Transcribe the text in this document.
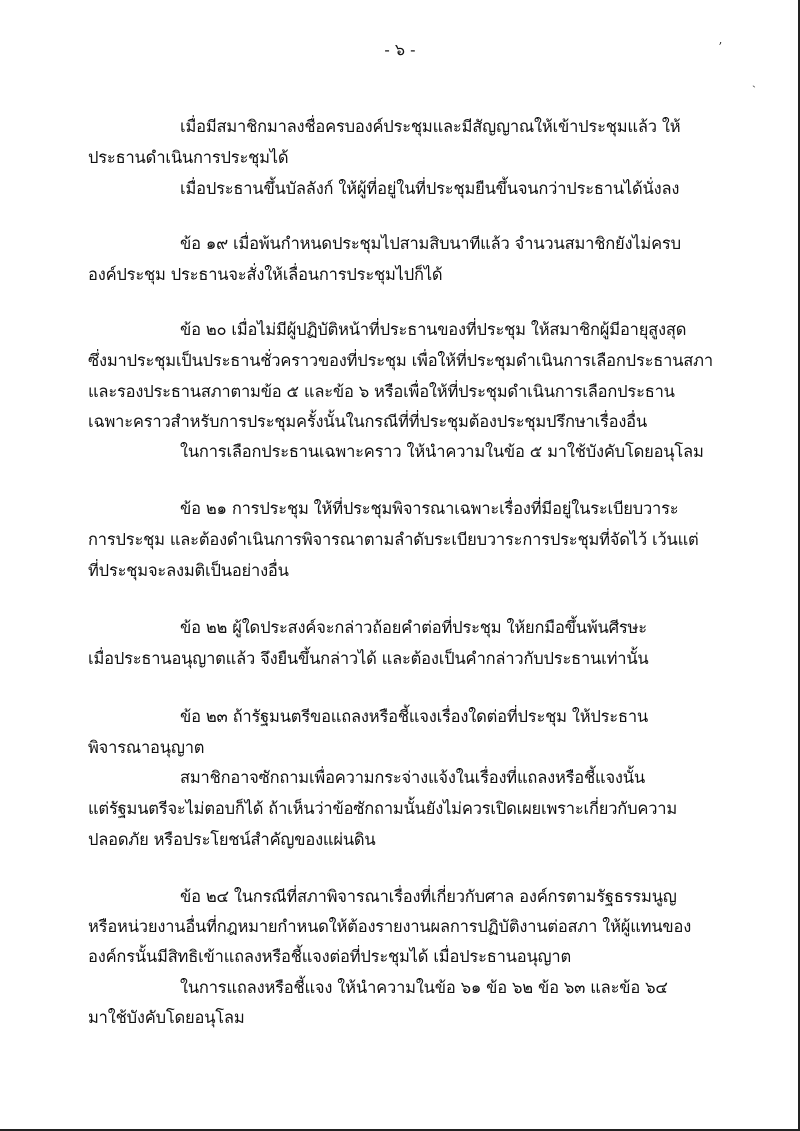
- ๖ -	ʼ
ˏ
เมื่อมีสมาชิกมาลงชื่อครบองค์ประชุมและมีสัญญาณให้เข้าประชุมแล้ว ให้
ประธานดำเนินการประชุมได้
เมื่อประธานขึ้นบัลลังก์ ให้ผู้ที่อยู่ในที่ประชุมยืนขึ้นจนกว่าประธานได้นั่งลง
ข้อ ๑๙ เมื่อพ้นกำหนดประชุมไปสามสิบนาทีแล้ว จำนวนสมาชิกยังไม่ครบ
องค์ประชุม ประธานจะสั่งให้เลื่อนการประชุมไปก็ได้
ข้อ ๒๐ เมื่อไม่มีผู้ปฏิบัติหน้าที่ประธานของที่ประชุม ให้สมาชิกผู้มีอายุสูงสุด
ซึ่งมาประชุมเป็นประธานชั่วคราวของที่ประชุม เพื่อให้ที่ประชุมดำเนินการเลือกประธานสภา
และรองประธานสภาตามข้อ ๕ และข้อ ๖ หรือเพื่อให้ที่ประชุมดำเนินการเลือกประธาน
เฉพาะคราวสำหรับการประชุมครั้งนั้นในกรณีที่ที่ประชุมต้องประชุมปรึกษาเรื่องอื่น
ในการเลือกประธานเฉพาะคราว ให้นำความในข้อ ๕ มาใช้บังคับโดยอนุโลม
ข้อ ๒๑ การประชุม ให้ที่ประชุมพิจารณาเฉพาะเรื่องที่มีอยู่ในระเบียบวาระ
การประชุม และต้องดำเนินการพิจารณาตามลำดับระเบียบวาระการประชุมที่จัดไว้ เว้นแต่
ที่ประชุมจะลงมติเป็นอย่างอื่น
ข้อ ๒๒ ผู้ใดประสงค์จะกล่าวถ้อยคำต่อที่ประชุม ให้ยกมือขึ้นพ้นศีรษะ
เมื่อประธานอนุญาตแล้ว จึงยืนขึ้นกล่าวได้ และต้องเป็นคำกล่าวกับประธานเท่านั้น
ข้อ ๒๓ ถ้ารัฐมนตรีขอแถลงหรือชี้แจงเรื่องใดต่อที่ประชุม ให้ประธาน
พิจารณาอนุญาต
สมาชิกอาจซักถามเพื่อความกระจ่างแจ้งในเรื่องที่แถลงหรือชี้แจงนั้น
แต่รัฐมนตรีจะไม่ตอบก็ได้ ถ้าเห็นว่าข้อซักถามนั้นยังไม่ควรเปิดเผยเพราะเกี่ยวกับความ
ปลอดภัย หรือประโยชน์สำคัญของแผ่นดิน
ข้อ ๒๔ ในกรณีที่สภาพิจารณาเรื่องที่เกี่ยวกับศาล องค์กรตามรัฐธรรมนูญ
หรือหน่วยงานอื่นที่กฎหมายกำหนดให้ต้องรายงานผลการปฏิบัติงานต่อสภา ให้ผู้แทนของ
องค์กรนั้นมีสิทธิเข้าแถลงหรือชี้แจงต่อที่ประชุมได้ เมื่อประธานอนุญาต
ในการแถลงหรือชี้แจง ให้นำความในข้อ ๖๑ ข้อ ๖๒ ข้อ ๖๓ และข้อ ๖๔
มาใช้บังคับโดยอนุโลม
